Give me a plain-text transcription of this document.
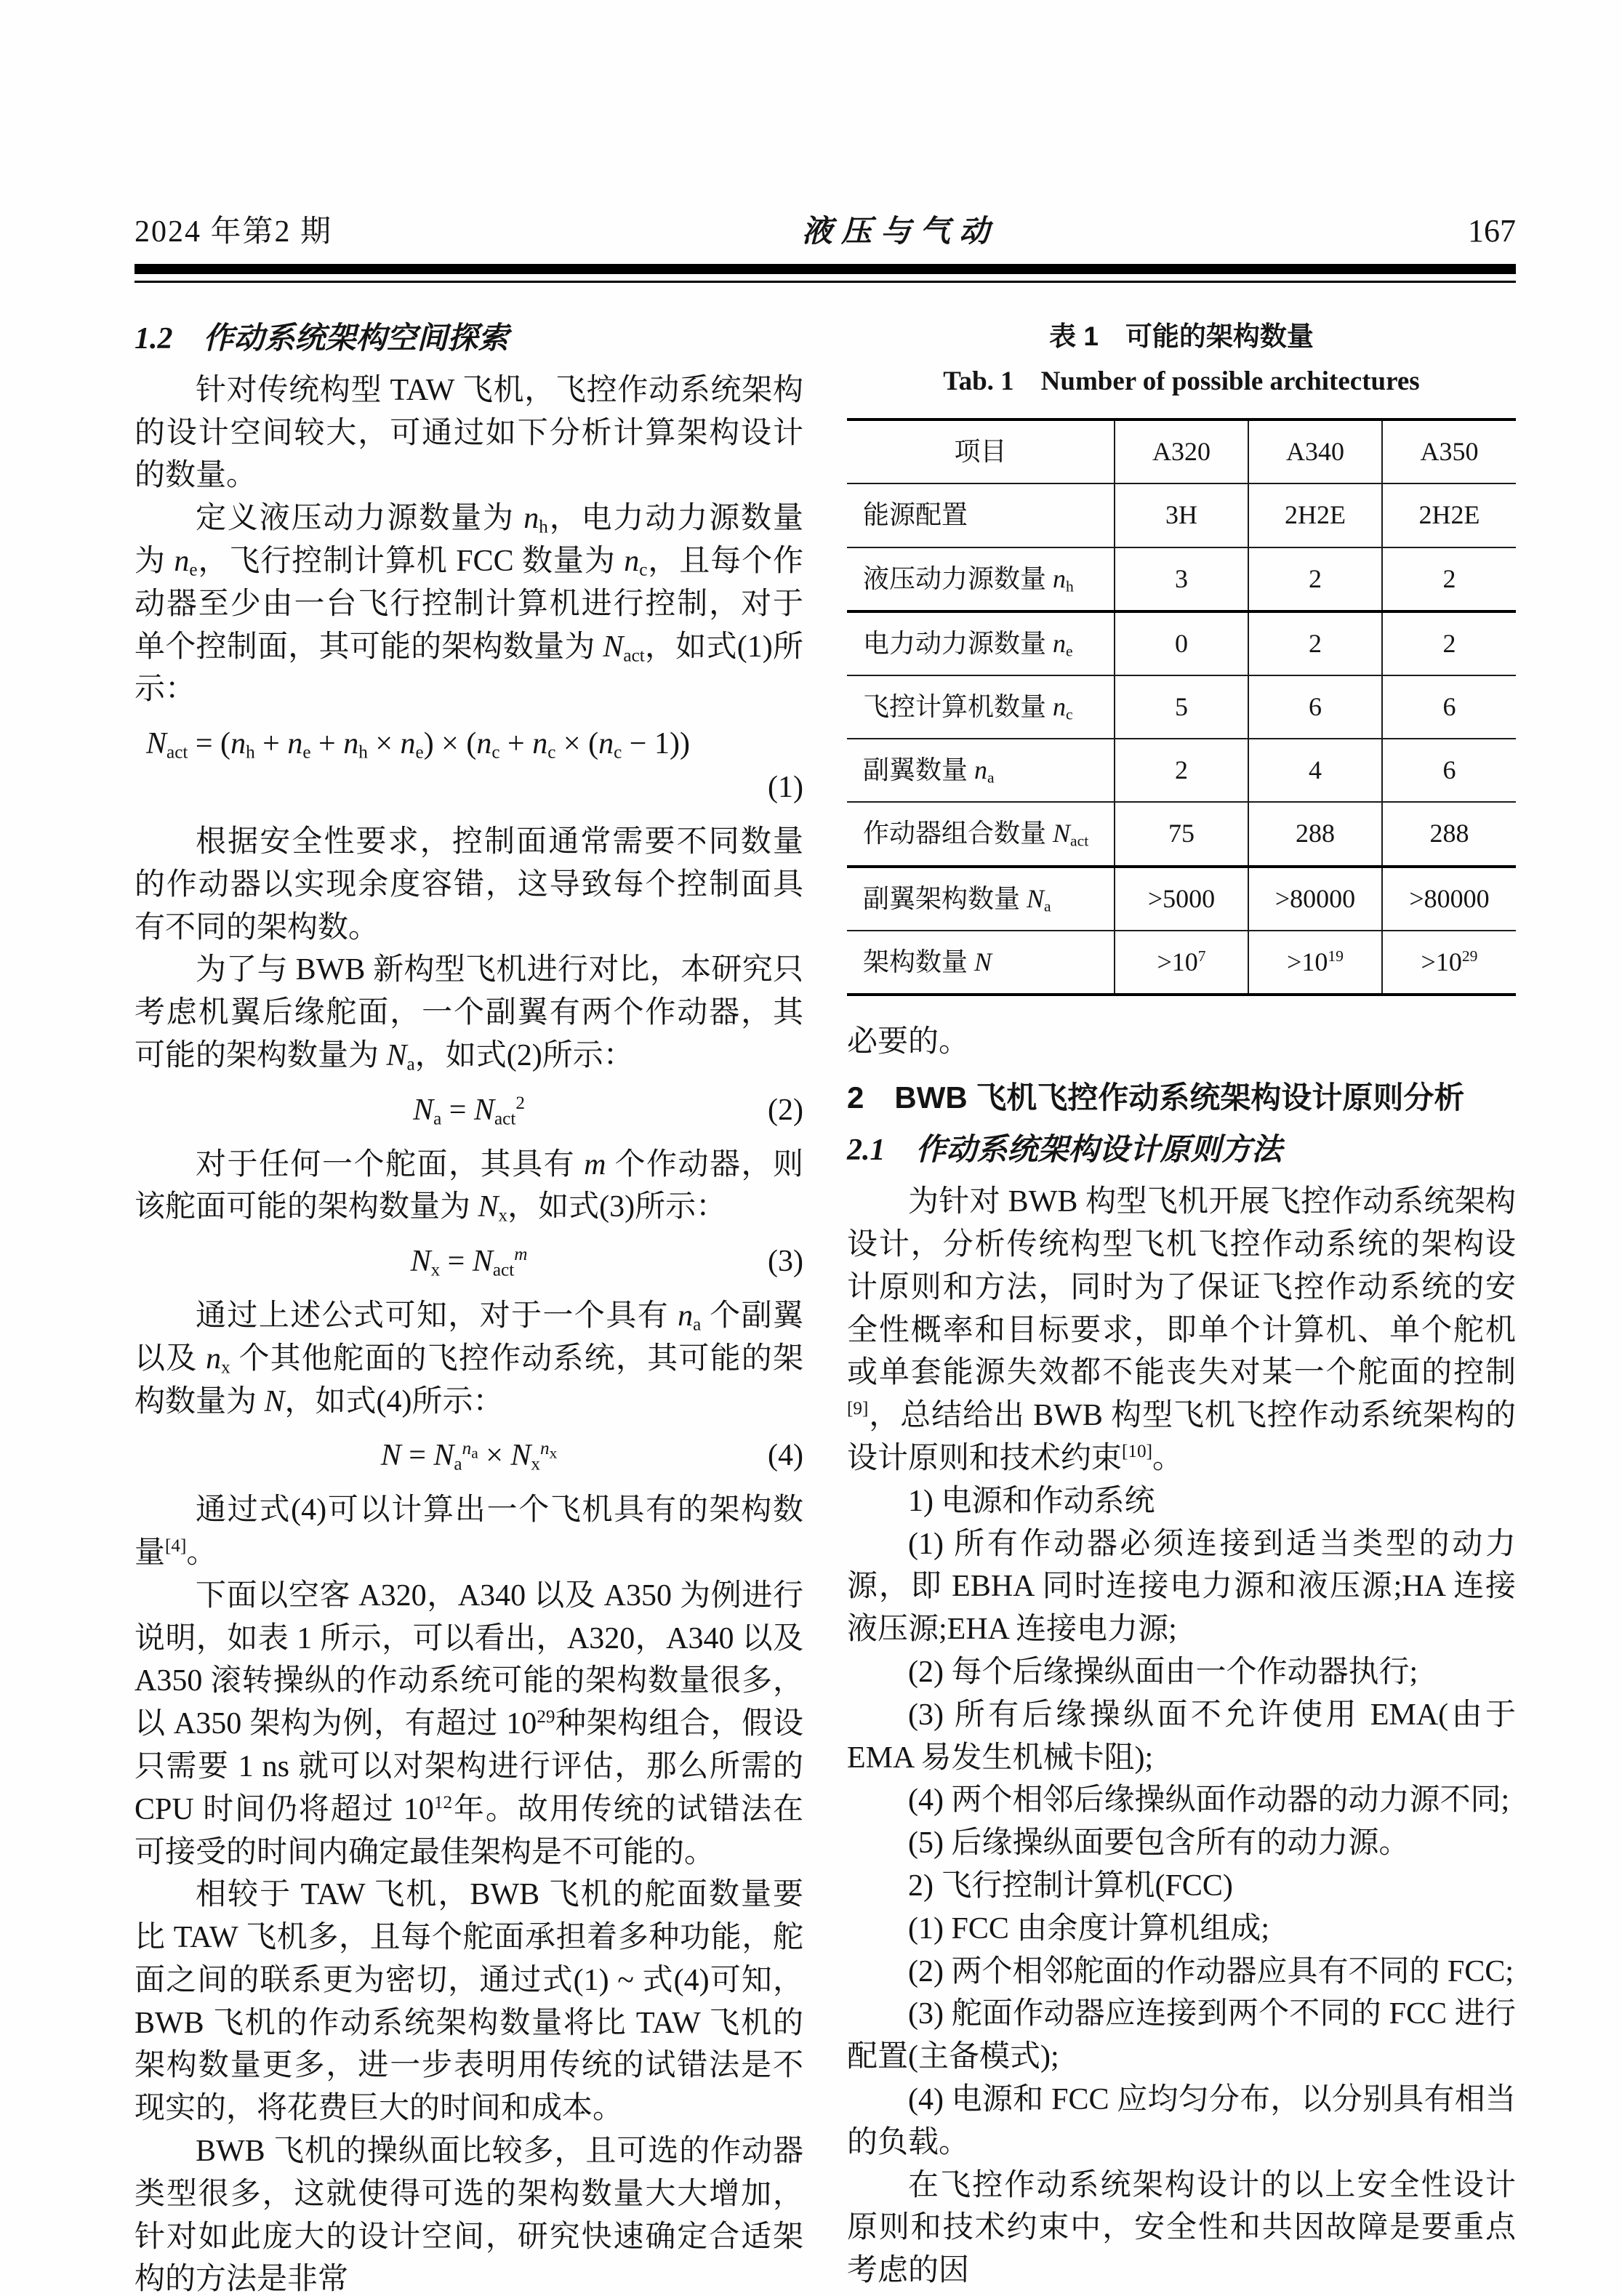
2024 年第2 期	液压与气动	167
1.2　作动系统架构空间探索
针对传统构型 TAW 飞机，飞控作动系统架构的设计空间较大，可通过如下分析计算架构设计的数量。
定义液压动力源数量为 $n_h$，电力动力源数量为 $n_e$，飞行控制计算机 FCC 数量为 $n_c$，且每个作动器至少由一台飞行控制计算机进行控制，对于单个控制面，其可能的架构数量为 $N_{act}$，如式(1)所示：
$N_{act} = (n_h + n_e + n_h \times n_e) \times (n_c + n_c \times (n_c - 1))$
(1)
根据安全性要求，控制面通常需要不同数量的作动器以实现余度容错，这导致每个控制面具有不同的架构数。
为了与 BWB 新构型飞机进行对比，本研究只考虑机翼后缘舵面，一个副翼有两个作动器，其可能的架构数量为 $N_a$，如式(2)所示：
$N_a = N_{act}^2$	(2)
对于任何一个舵面，其具有 m 个作动器，则该舵面可能的架构数量为 $N_x$，如式(3)所示：
$N_x = N_{act}^m$	(3)
通过上述公式可知，对于一个具有 $n_a$ 个副翼以及 $n_x$ 个其他舵面的飞控作动系统，其可能的架构数量为 N，如式(4)所示：
$N = N_a^{n_a} \times N_x^{n_x}$	(4)
通过式(4)可以计算出一个飞机具有的架构数量[4]。
下面以空客 A320，A340 以及 A350 为例进行说明，如表 1 所示，可以看出，A320，A340 以及 A350 滚转操纵的作动系统可能的架构数量很多，以 A350 架构为例，有超过 $10^{29}$种架构组合，假设只需要 1 ns 就可以对架构进行评估，那么所需的 CPU 时间仍将超过 $10^{12}$年。故用传统的试错法在可接受的时间内确定最佳架构是不可能的。
相较于 TAW 飞机，BWB 飞机的舵面数量要比 TAW 飞机多，且每个舵面承担着多种功能，舵面之间的联系更为密切，通过式(1) ~ 式(4)可知，BWB 飞机的作动系统架构数量将比 TAW 飞机的架构数量更多，进一步表明用传统的试错法是不现实的，将花费巨大的时间和成本。
BWB 飞机的操纵面比较多，且可选的作动器类型很多，这就使得可选的架构数量大大增加，针对如此庞大的设计空间，研究快速确定合适架构的方法是非常
表 1　可能的架构数量
Tab. 1　Number of possible architectures
项目	A320	A340	A350
能源配置	3H	2H2E	2H2E
液压动力源数量 $n_h$	3	2	2
电力动力源数量 $n_e$	0	2	2
飞控计算机数量 $n_c$	5	6	6
副翼数量 $n_a$	2	4	6
作动器组合数量 $N_{act}$	75	288	288
副翼架构数量 $N_a$	>5000	>80000	>80000
架构数量 N	$>10^7$	$>10^{19}$	$>10^{29}$
必要的。
2　BWB 飞机飞控作动系统架构设计原则分析
2.1　作动系统架构设计原则方法
为针对 BWB 构型飞机开展飞控作动系统架构设计，分析传统构型飞机飞控作动系统的架构设计原则和方法，同时为了保证飞控作动系统的安全性概率和目标要求，即单个计算机、单个舵机或单套能源失效都不能丧失对某一个舵面的控制[9]，总结给出 BWB 构型飞机飞控作动系统架构的设计原则和技术约束[10]。
1) 电源和作动系统
(1) 所有作动器必须连接到适当类型的动力源，即 EBHA 同时连接电力源和液压源;HA 连接液压源;EHA 连接电力源;
(2) 每个后缘操纵面由一个作动器执行;
(3) 所有后缘操纵面不允许使用 EMA(由于 EMA 易发生机械卡阻);
(4) 两个相邻后缘操纵面作动器的动力源不同;
(5) 后缘操纵面要包含所有的动力源。
2) 飞行控制计算机(FCC)
(1) FCC 由余度计算机组成;
(2) 两个相邻舵面的作动器应具有不同的 FCC;
(3) 舵面作动器应连接到两个不同的 FCC 进行配置(主备模式);
(4) 电源和 FCC 应均匀分布，以分别具有相当的负载。
在飞控作动系统架构设计的以上安全性设计原则和技术约束中，安全性和共因故障是要重点考虑的因
